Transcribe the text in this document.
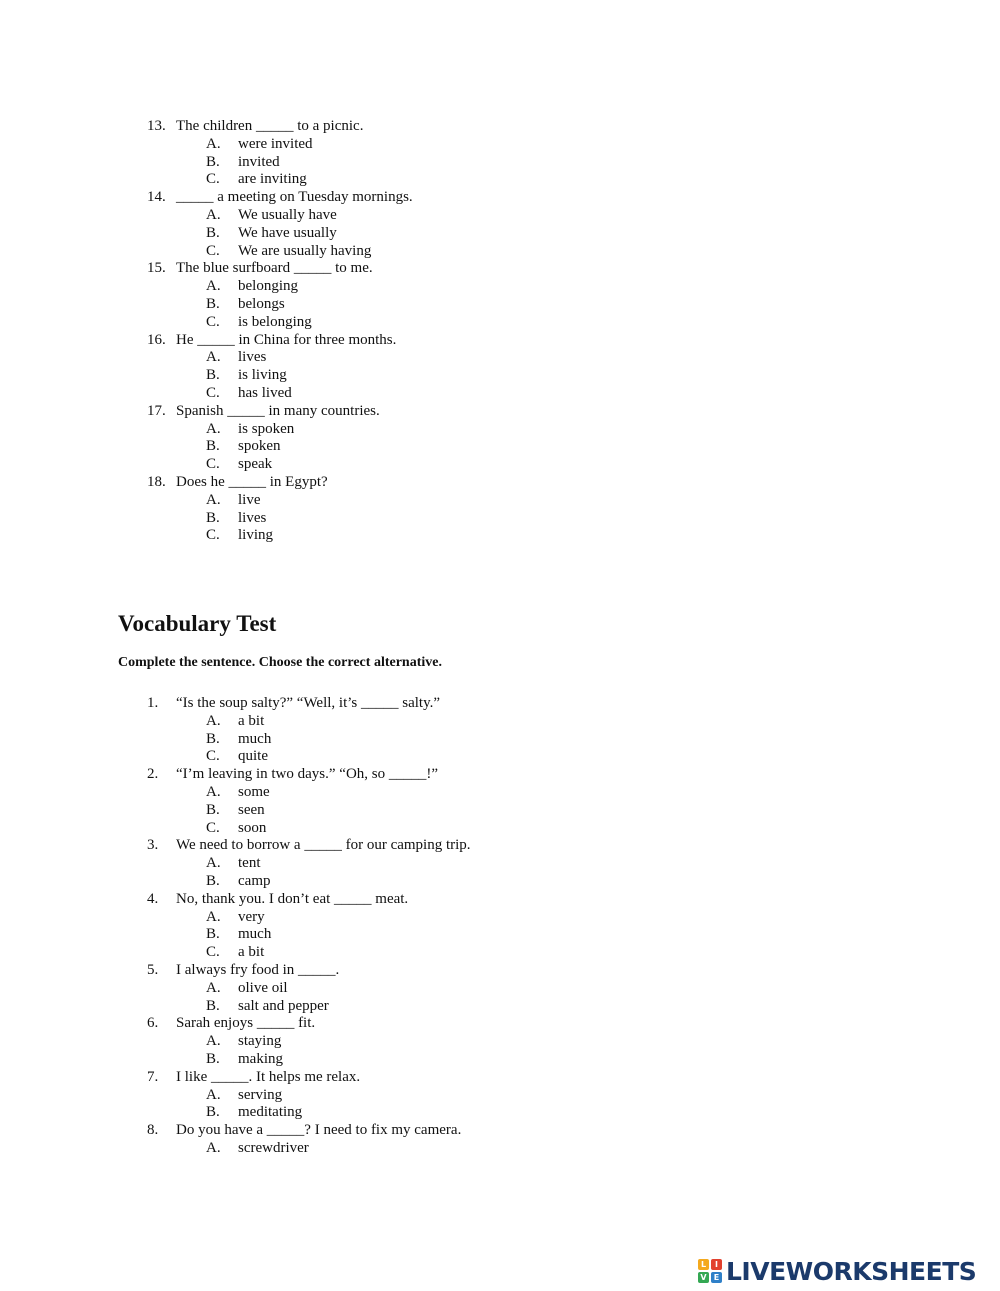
13. The children _____ to a picnic.
A. were invited
B. invited
C. are inviting
14. _____ a meeting on Tuesday mornings.
A. We usually have
B. We have usually
C. We are usually having
15. The blue surfboard _____ to me.
A. belonging
B. belongs
C. is belonging
16. He _____ in China for three months.
A. lives
B. is living
C. has lived
17. Spanish _____ in many countries.
A. is spoken
B. spoken
C. speak
18. Does he _____ in Egypt?
A. live
B. lives
C. living
Vocabulary Test

Complete the sentence. Choose the correct alternative.

1. “Is the soup salty?” “Well, it’s _____ salty.”
A. a bit
B. much
C. quite
2. “I’m leaving in two days.” “Oh, so _____!”
A. some
B. seen
C. soon
3. We need to borrow a _____ for our camping trip.
A. tent
B. camp
4. No, thank you. I don’t eat _____ meat.
A. very
B. much
C. a bit
5. I always fry food in _____.
A. olive oil
B. salt and pepper
6. Sarah enjoys _____ fit.
A. staying
B. making
7. I like _____. It helps me relax.
A. serving
B. meditating
8. Do you have a _____? I need to fix my camera.
A. screwdriver
L	I
V E LIVEWORKSHEETS
